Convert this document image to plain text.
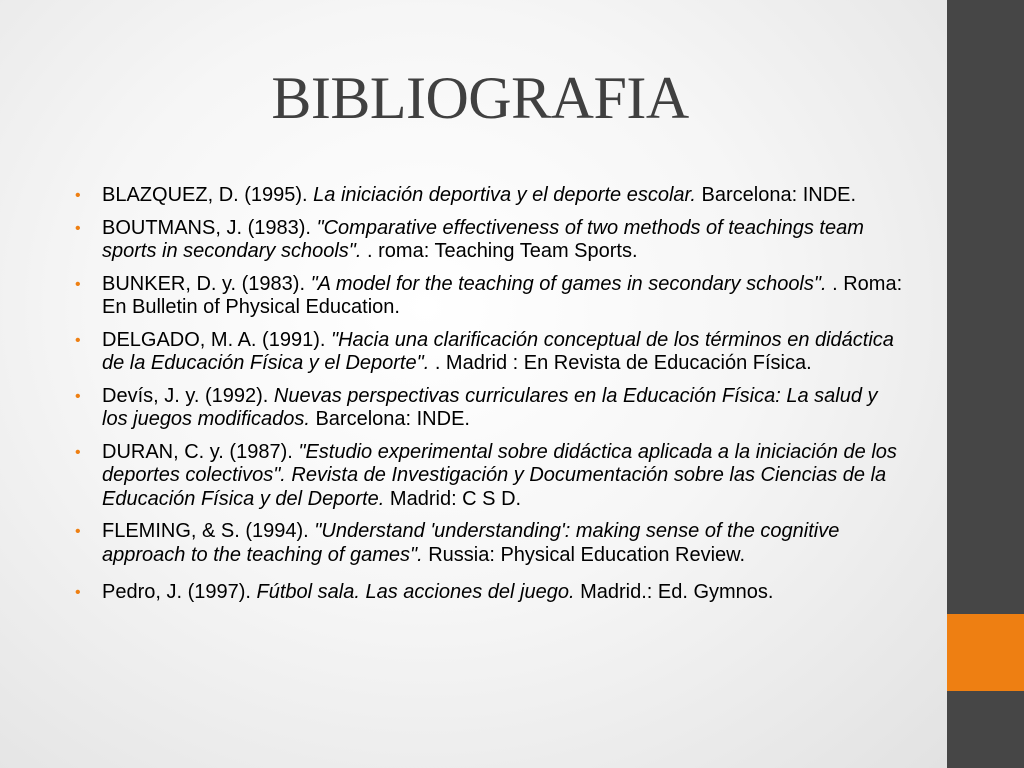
BIBLIOGRAFIA
• BLAZQUEZ, D. (1995). La iniciación deportiva y el deporte escolar. Barcelona: INDE.
• BOUTMANS, J. (1983). "Comparative effectiveness of two methods of teachings team sports in secondary schools". . roma: Teaching Team Sports.
• BUNKER, D. y. (1983). "A model for the teaching of games in secondary schools". . Roma: En Bulletin of Physical Education.
• DELGADO, M. A. (1991). "Hacia una clarificación conceptual de los términos en didáctica de la Educación Física y el Deporte". . Madrid : En Revista de Educación Física.
• Devís, J. y. (1992). Nuevas perspectivas curriculares en la Educación Física: La salud y los juegos modificados. Barcelona: INDE.
• DURAN, C. y. (1987). "Estudio experimental sobre didáctica aplicada a la iniciación de los deportes colectivos". Revista de Investigación y Documentación sobre las Ciencias de la Educación Física y del Deporte. Madrid: C S D.
• FLEMING, & S. (1994). "Understand 'understanding': making sense of the cognitive approach to the teaching of games". Russia: Physical Education Review.
• Pedro, J. (1997). Fútbol sala. Las acciones del juego. Madrid.: Ed. Gymnos.
